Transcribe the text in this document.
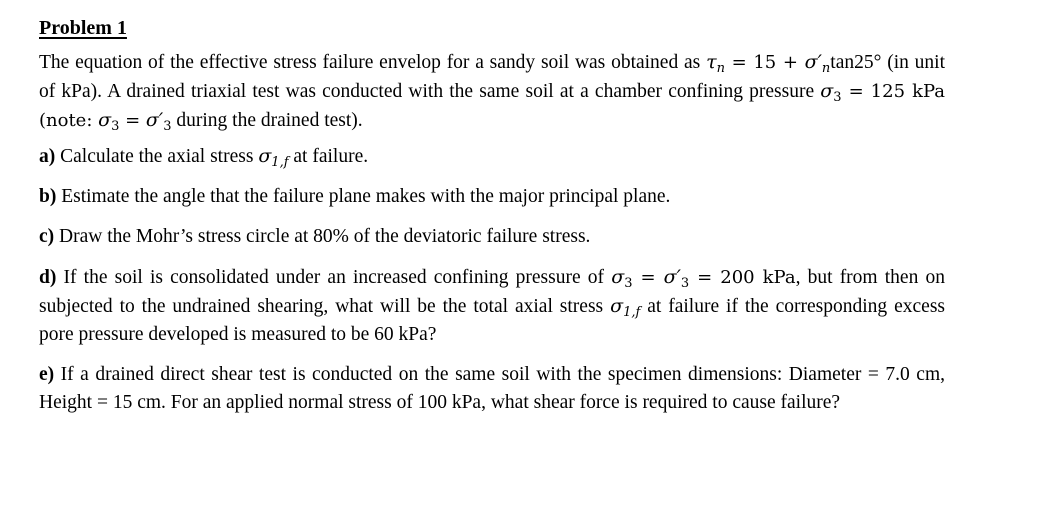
Problem 1

The equation of the effective stress failure envelop for a sandy soil was obtained as $\tau_n = 15 + \sigma'_n\tan 25^\circ$ (in unit of kPa). A drained triaxial test was conducted with the same soil at a chamber confining pressure $\sigma_3 = 125$ kPa (note: $\sigma_3 = \sigma'_3$ during the drained test).

a) Calculate the axial stress $\sigma_{1,f}$ at failure.

b) Estimate the angle that the failure plane makes with the major principal plane.

c) Draw the Mohr’s stress circle at 80% of the deviatoric failure stress.

d) If the soil is consolidated under an increased confining pressure of $\sigma_3 = \sigma'_3 = 200$ kPa, but from then on subjected to the undrained shearing, what will be the total axial stress $\sigma_{1,f}$ at failure if the corresponding excess pore pressure developed is measured to be 60 kPa?

e) If a drained direct shear test is conducted on the same soil with the specimen dimensions: Diameter = 7.0 cm, Height = 15 cm. For an applied normal stress of 100 kPa, what shear force is required to cause failure?
